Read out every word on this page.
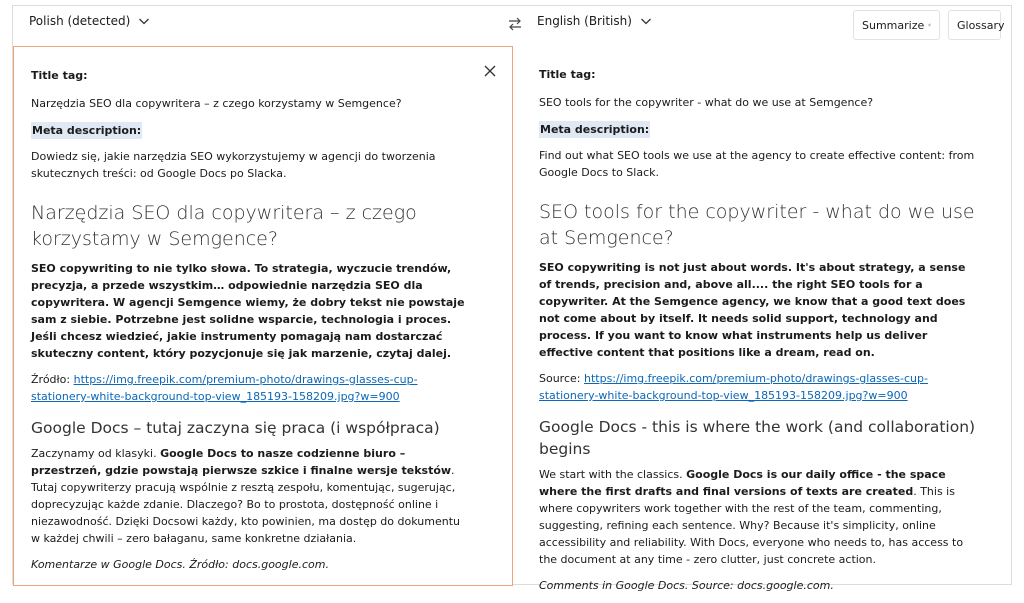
Polish (detected)	English (British)	Summarize	Glossary

Title tag:

Narzędzia SEO dla copywritera – z czego korzystamy w Semgence?

Meta description:

Dowiedz się, jakie narzędzia SEO wykorzystujemy w agencji do tworzenia skutecznych treści: od Google Docs po Slacka.

Narzędzia SEO dla copywritera – z czego korzystamy w Semgence?

SEO copywriting to nie tylko słowa. To strategia, wyczucie trendów, precyzja, a przede wszystkim… odpowiednie narzędzia SEO dla copywritera. W agencji Semgence wiemy, że dobry tekst nie powstaje sam z siebie. Potrzebne jest solidne wsparcie, technologia i proces. Jeśli chcesz wiedzieć, jakie instrumenty pomagają nam dostarczać skuteczny content, który pozycjonuje się jak marzenie, czytaj dalej.

Źródło: https://img.freepik.com/premium-photo/drawings-glasses-cup-stationery-white-background-top-view_185193-158209.jpg?w=900

Google Docs – tutaj zaczyna się praca (i współpraca)

Zaczynamy od klasyki. Google Docs to nasze codzienne biuro – przestrzeń, gdzie powstają pierwsze szkice i finalne wersje tekstów. Tutaj copywriterzy pracują wspólnie z resztą zespołu, komentując, sugerując, doprecyzując każde zdanie. Dlaczego? Bo to prostota, dostępność online i niezawodność. Dzięki Docsowi każdy, kto powinien, ma dostęp do dokumentu w każdej chwili – zero bałaganu, same konkretne działania.

Komentarze w Google Docs. Źródło: docs.google.com.

Title tag:

SEO tools for the copywriter - what do we use at Semgence?

Meta description:

Find out what SEO tools we use at the agency to create effective content: from Google Docs to Slack.

SEO tools for the copywriter - what do we use at Semgence?

SEO copywriting is not just about words. It's about strategy, a sense of trends, precision and, above all.... the right SEO tools for a copywriter. At the Semgence agency, we know that a good text does not come about by itself. It needs solid support, technology and process. If you want to know what instruments help us deliver effective content that positions like a dream, read on.

Source: https://img.freepik.com/premium-photo/drawings-glasses-cup-stationery-white-background-top-view_185193-158209.jpg?w=900

Google Docs - this is where the work (and collaboration) begins

We start with the classics. Google Docs is our daily office - the space where the first drafts and final versions of texts are created. This is where copywriters work together with the rest of the team, commenting, suggesting, refining each sentence. Why? Because it's simplicity, online accessibility and reliability. With Docs, everyone who needs to, has access to the document at any time - zero clutter, just concrete action.

Comments in Google Docs. Source: docs.google.com.
